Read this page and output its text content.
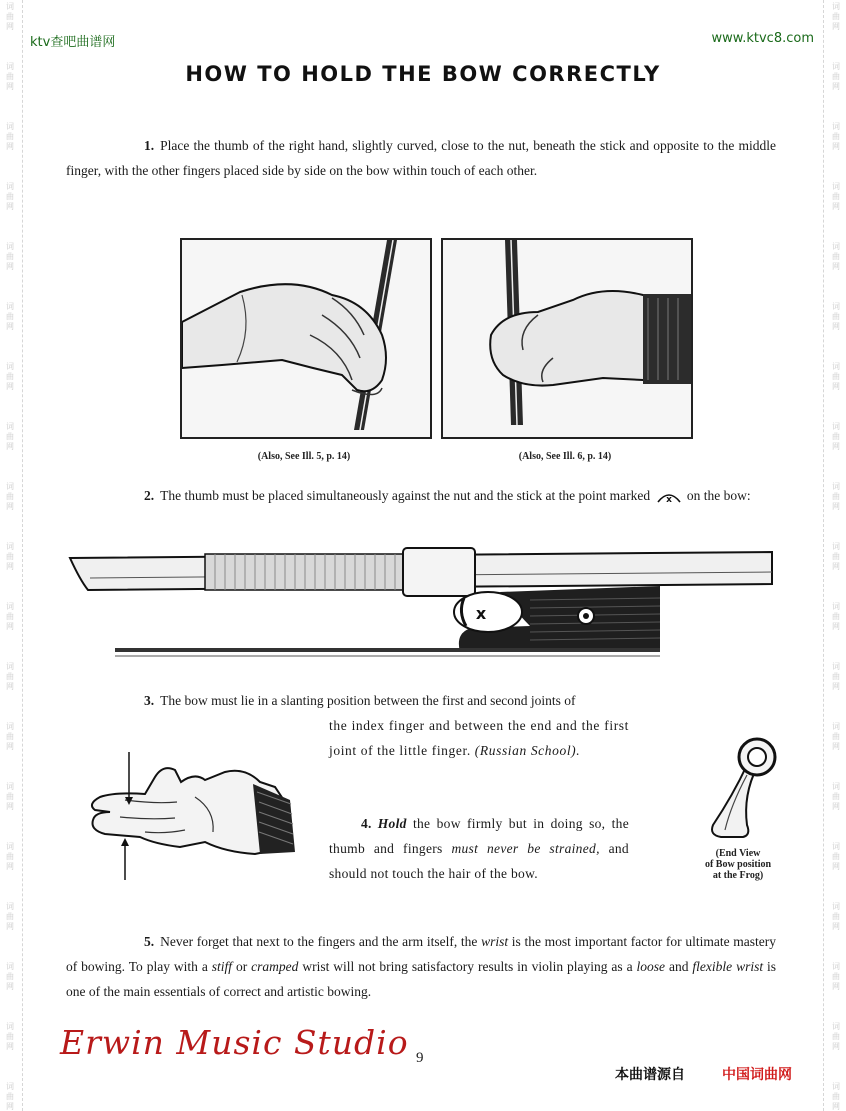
词
曲
网
词
曲
网
词
曲
网
词
曲
网
词
曲
网
词
曲
网
词
曲
网
词
曲
网
词
曲
网
词
曲
网
词
曲
网
词
曲
网
词
曲
网
词
曲
网
词
曲
网
词
曲
网
词
曲
网
词
曲
网
词
曲
网
词
曲
网
词
曲
网
词
曲
网
词
曲
网
词
曲
网
词
曲
网
词
曲
网
词
曲
网
词
曲
网
词
曲
网
词
曲
网
词
曲
网
词
曲
网
词
曲
网
词
曲
网
词
曲
网
词
曲
网
词
曲
网
词
曲
网
ktv查吧曲谱网	www.ktvc8.com
HOW TO HOLD THE BOW CORRECTLY
1. Place the thumb of the right hand, slightly curved, close to the nut, beneath the stick and opposite to the middle finger, with the other fingers placed side by side on the bow within touch of each other.
(Also, See Ill. 5, p. 14)	(Also, See Ill. 6, p. 14)
2. The thumb must be placed simultaneously against the nut and the stick at the point marked x on the bow:
x
3. The bow must lie in a slanting position between the first and second joints of
the index finger and between the end and the first joint of the little finger. (Russian School).
(End View
of Bow position
at the Frog)
4. Hold the bow firmly but in doing so, the thumb and fingers must never be strained, and should not touch the hair of the bow.
5. Never forget that next to the fingers and the arm itself, the wrist is the most important factor for ultimate mastery of bowing. To play with a stiff or cramped wrist will not bring satisfactory results in violin playing as a loose and flexible wrist is one of the main essentials of correct and artistic bowing.
Erwin Music Studio 9
本曲谱源自	中国词曲网
